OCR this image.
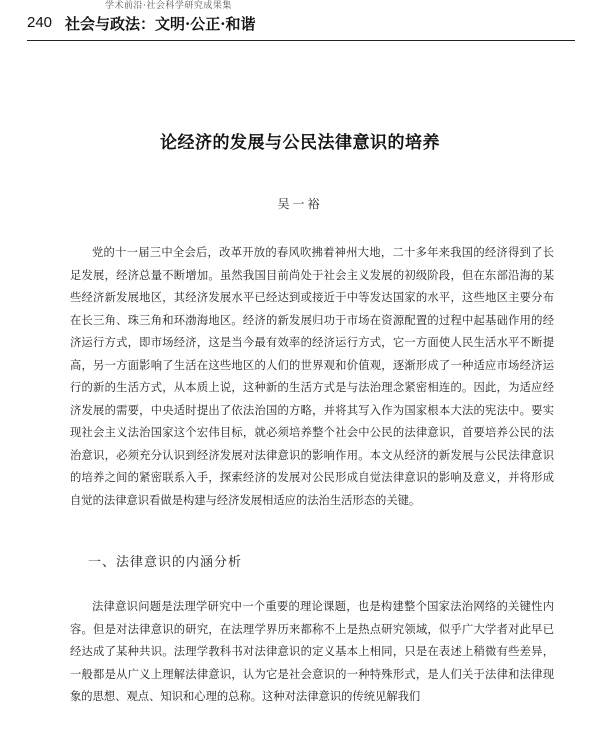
学术前沿·社会科学研究成果集
240 社会与政法：文明·公正·和谐
论经济的发展与公民法律意识的培养
吴一裕

党的十一届三中全会后，改革开放的春风吹拂着神州大地，二十多年来我国的经济得到了长足发展，经济总量不断增加。虽然我国目前尚处于社会主义发展的初级阶段，但在东部沿海的某些经济新发展地区，其经济发展水平已经达到或接近于中等发达国家的水平，这些地区主要分布在长三角、珠三角和环渤海地区。经济的新发展归功于市场在资源配置的过程中起基础作用的经济运行方式，即市场经济，这是当今最有效率的经济运行方式，它一方面使人民生活水平不断提高，另一方面影响了生活在这些地区的人们的世界观和价值观，逐渐形成了一种适应市场经济运行的新的生活方式，从本质上说，这种新的生活方式是与法治理念紧密相连的。因此，为适应经济发展的需要，中央适时提出了依法治国的方略，并将其写入作为国家根本大法的宪法中。要实现社会主义法治国家这个宏伟目标，就必须培养整个社会中公民的法律意识，首要培养公民的法治意识，必须充分认识到经济发展对法律意识的影响作用。本文从经济的新发展与公民法律意识的培养之间的紧密联系入手，探索经济的发展对公民形成自觉法律意识的影响及意义，并将形成自觉的法律意识看做是构建与经济发展相适应的法治生活形态的关键。

一、法律意识的内涵分析

法律意识问题是法理学研究中一个重要的理论课题，也是构建整个国家法治网络的关键性内容。但是对法律意识的研究，在法理学界历来都称不上是热点研究领域，似乎广大学者对此早已经达成了某种共识。法理学教科书对法律意识的定义基本上相同，只是在表述上稍微有些差异，一般都是从广义上理解法律意识，认为它是社会意识的一种特殊形式，是人们关于法律和法律现象的思想、观点、知识和心理的总称。这种对法律意识的传统见解我们
